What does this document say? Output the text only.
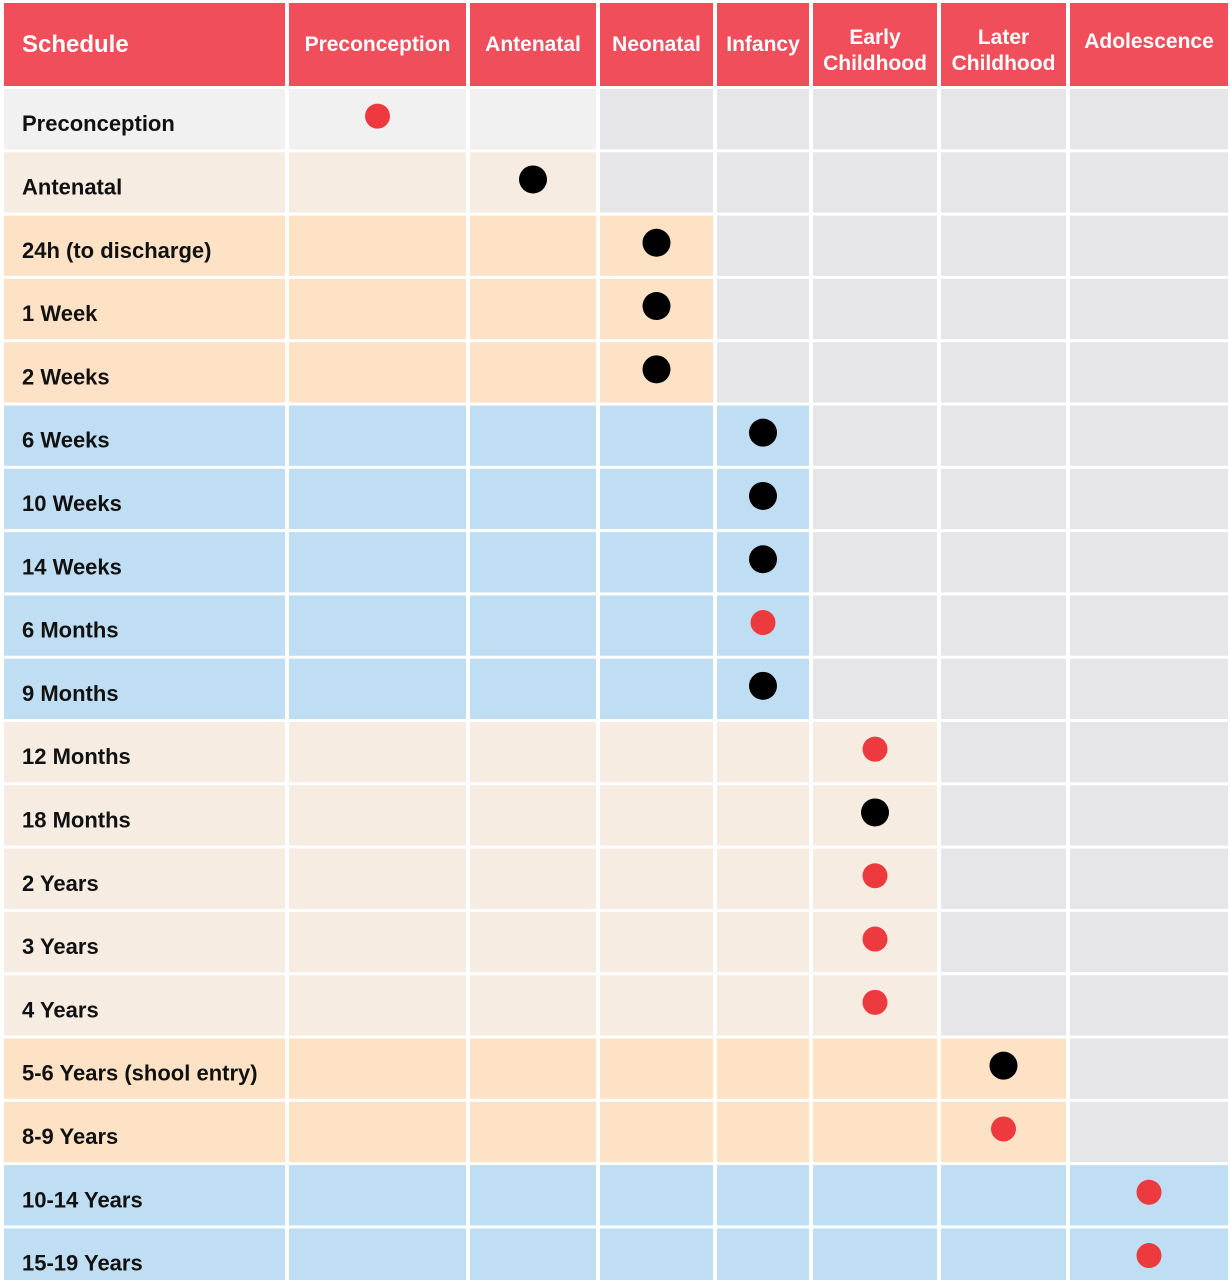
Schedule	Preconception Antenatal Neonatal Infancy	Early Childhood
Later Childhood
Adolescence
Preconception
Antenatal
24h (to discharge)
1 Week
2 Weeks
6 Weeks
10 Weeks
14 Weeks
6 Months
9 Months
12 Months
18 Months
2 Years
3 Years
4 Years
5-6 Years (shool entry)
8-9 Years
10-14 Years
15-19 Years
